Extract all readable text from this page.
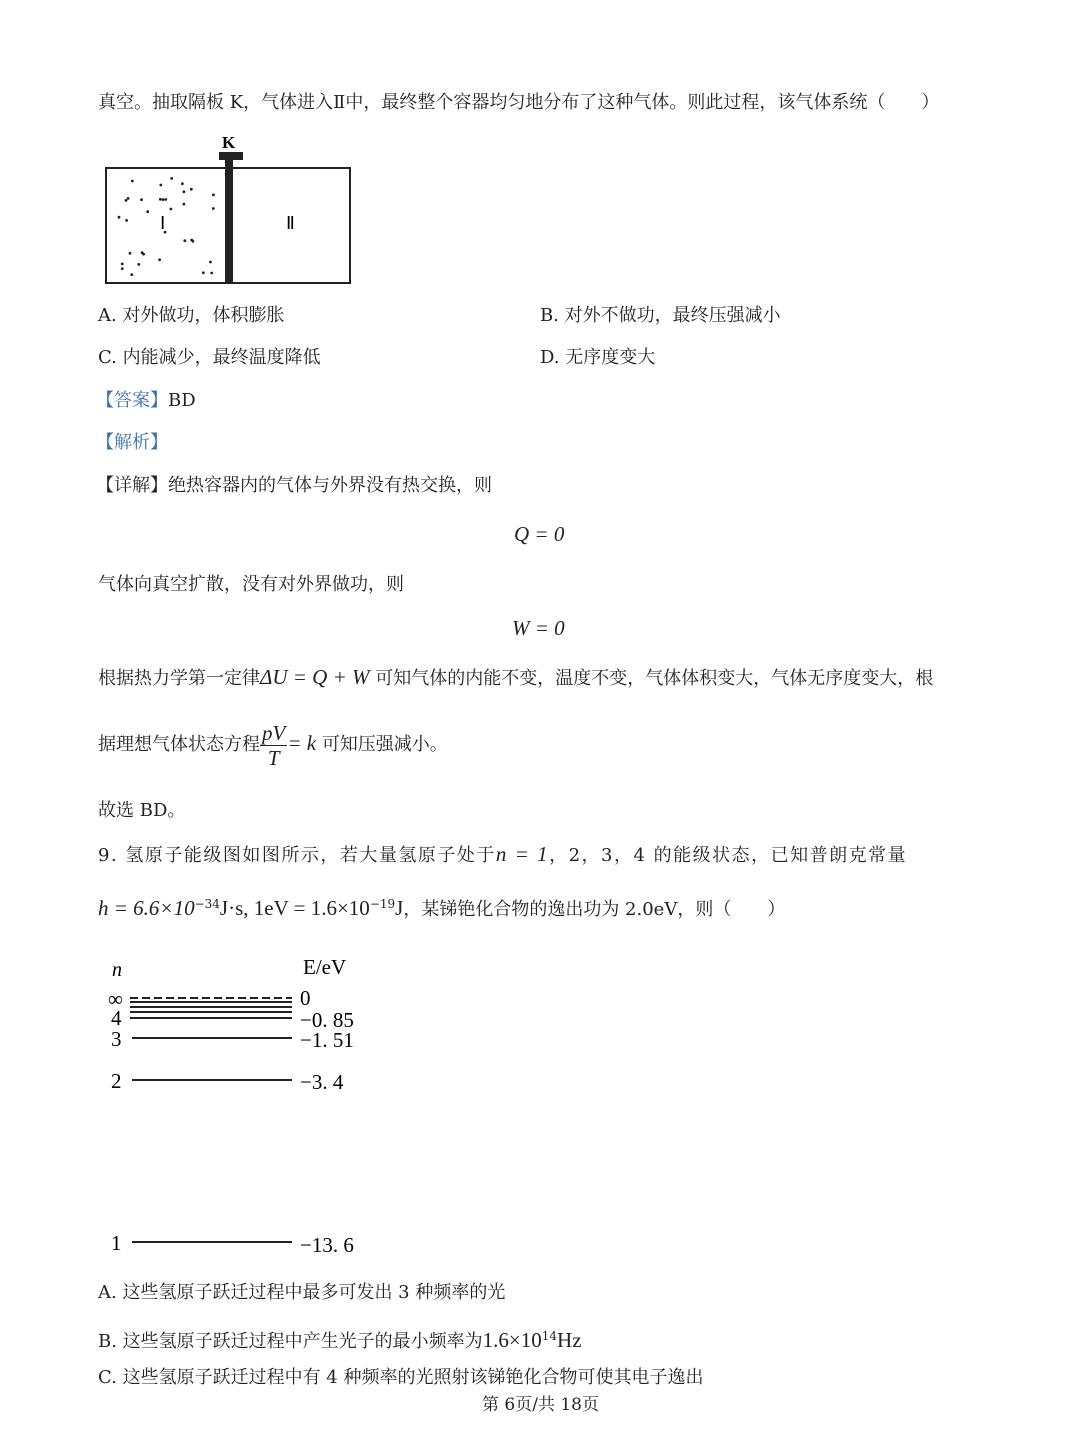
真空。抽取隔板 K，气体进入Ⅱ中，最终整个容器均匀地分布了这种气体。则此过程，该气体系统（　　）
K
Ⅰ	Ⅱ
A. 对外做功，体积膨胀	B. 对外不做功，最终压强减小
C. 内能减少，最终温度降低	D. 无序度变大
【答案】BD
【解析】
【详解】绝热容器内的气体与外界没有热交换，则
Q = 0
气体向真空扩散，没有对外界做功，则
W = 0
根据热力学第一定律ΔU = Q + W 可知气体的内能不变，温度不变，气体体积变大，气体无序度变大，根
据理想气体状态方程 $\frac{pV}{T} = k$ 可知压强减小。
故选 BD。
9. 氢原子能级图如图所示，若大量氢原子处于n = 1，2，3，4 的能级状态，已知普朗克常量
$h = 6.6\times 10^{-34}J\cdot s$, $1eV = 1.6\times 10^{-19}J$，某锑铯化合物的逸出功为 2.0eV，则（　　）
n	E/eV
∞
4
3
2
1
0
−0. 85
−1. 51
−3. 4
−13. 6
A. 这些氢原子跃迁过程中最多可发出 3 种频率的光
B. 这些氢原子跃迁过程中产生光子的最小频率为$1.6\times 10^{14}Hz$
C. 这些氢原子跃迁过程中有 4 种频率的光照射该锑铯化合物可使其电子逸出
第 6页/共 18页
